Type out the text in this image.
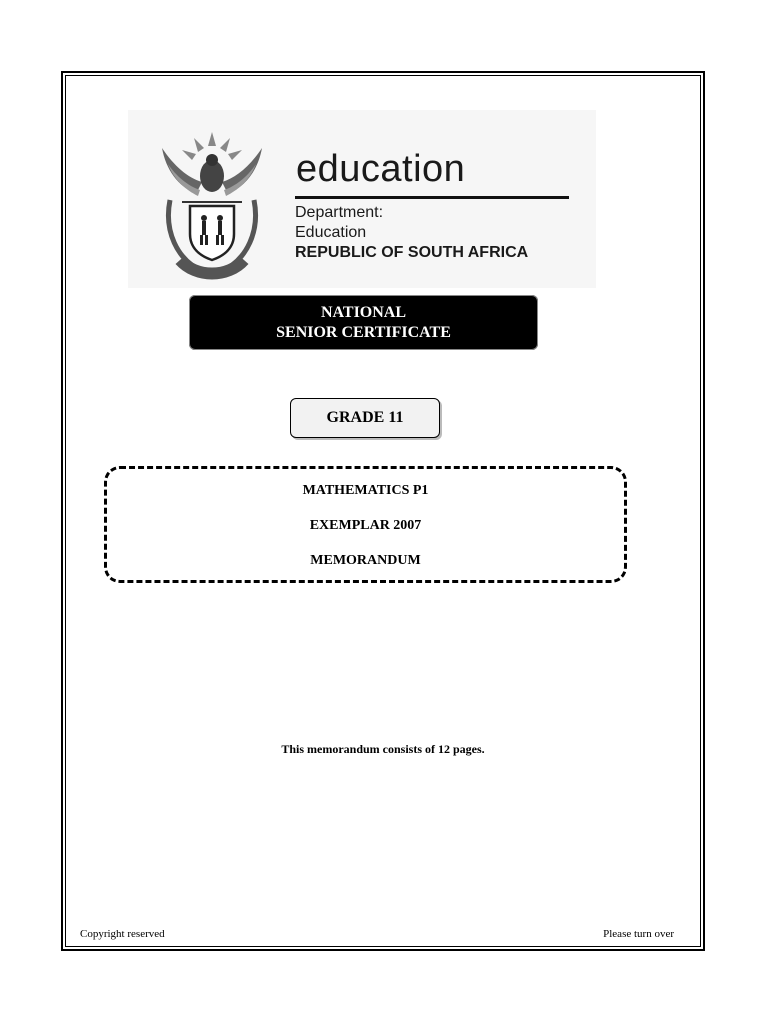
education
Department:
Education
REPUBLIC OF SOUTH AFRICA
NATIONAL
SENIOR CERTIFICATE
GRADE 11
MATHEMATICS P1
EXEMPLAR 2007
MEMORANDUM
This memorandum consists of 12 pages.
Copyright reserved	Please turn over
